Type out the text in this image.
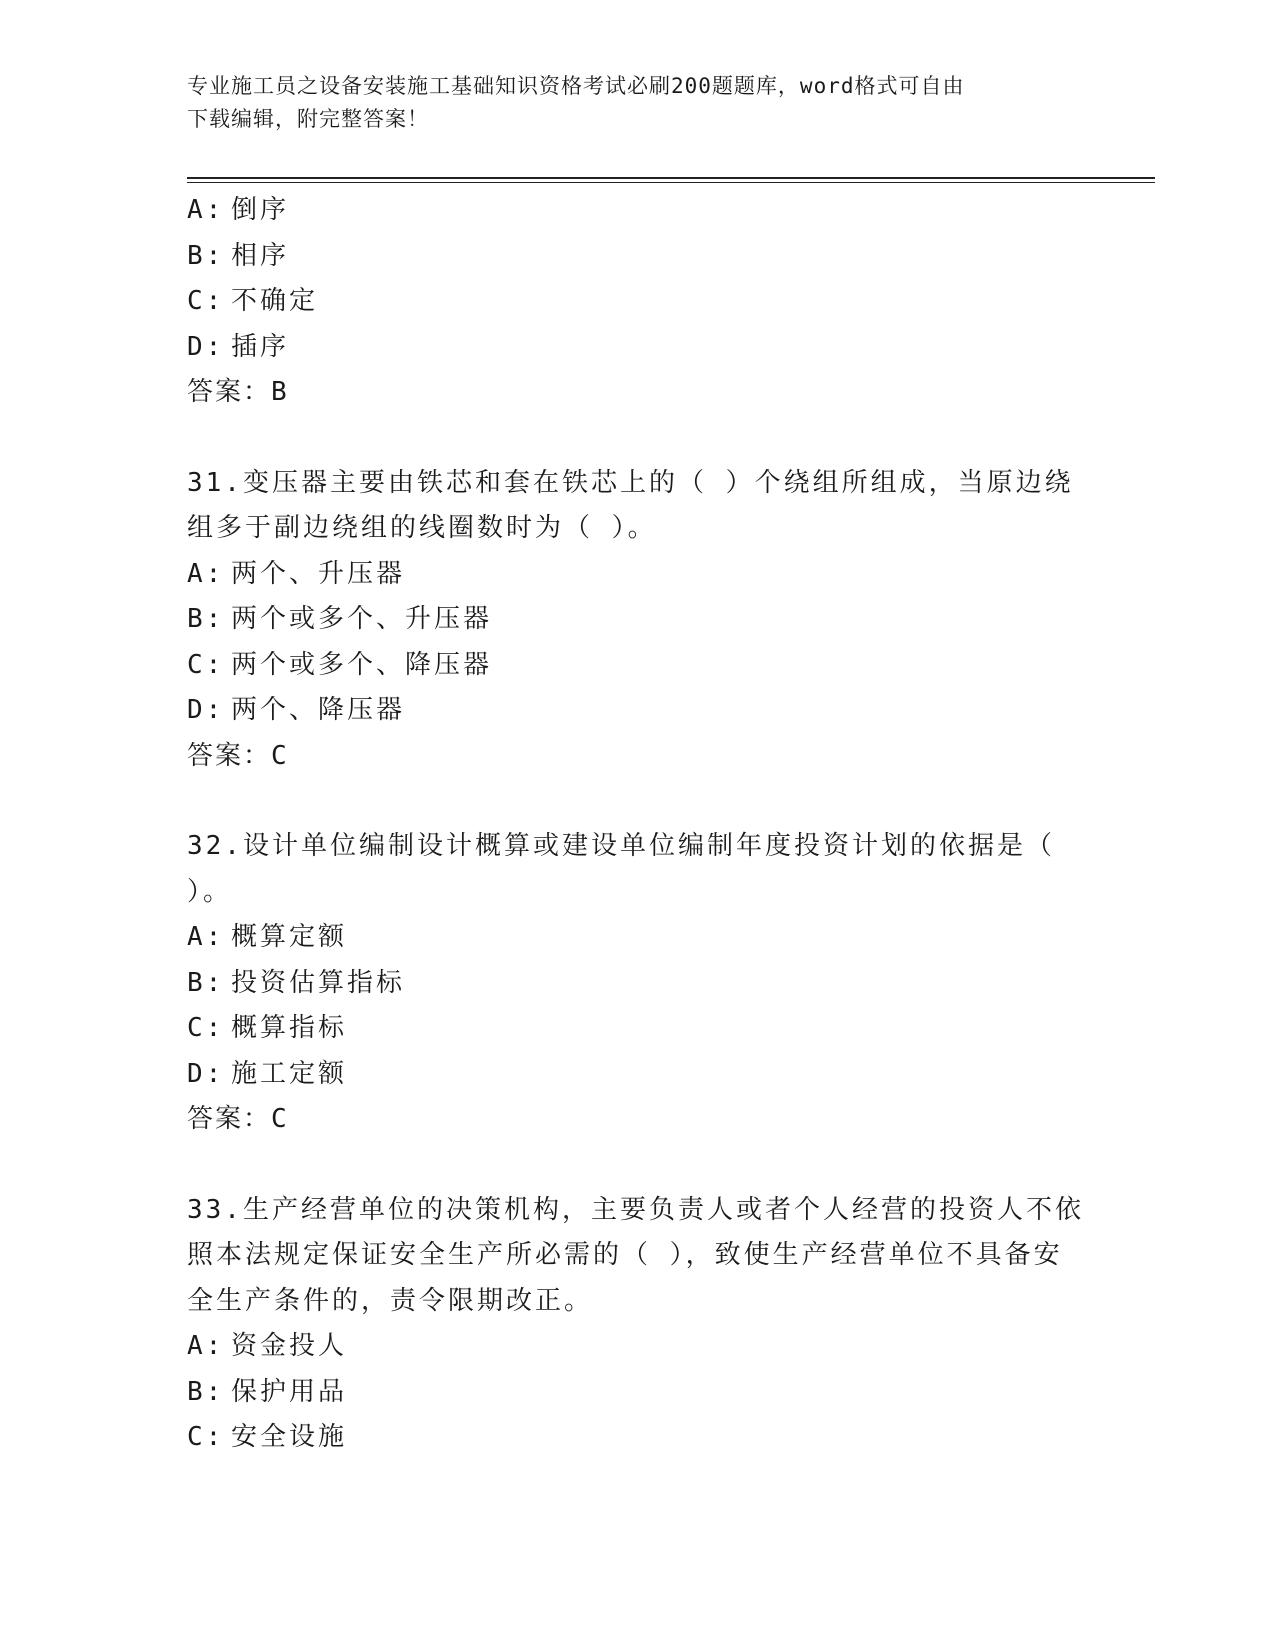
专业施工员之设备安装施工基础知识资格考试必刷200题题库，word格式可自由
下载编辑，附完整答案！
A: 倒序
B: 相序
C: 不确定
D: 插序
答案：B
31.变压器主要由铁芯和套在铁芯上的（ ）个绕组所组成，当原边绕
组多于副边绕组的线圈数时为（ ）。
A: 两个、升压器
B: 两个或多个、升压器
C: 两个或多个、降压器
D: 两个、降压器
答案：C
32.设计单位编制设计概算或建设单位编制年度投资计划的依据是（
）。
A: 概算定额
B: 投资估算指标
C: 概算指标
D: 施工定额
答案：C
33.生产经营单位的决策机构，主要负责人或者个人经营的投资人不依
照本法规定保证安全生产所必需的（ ），致使生产经营单位不具备安
全生产条件的，责令限期改正。
A: 资金投人
B: 保护用品
C: 安全设施
